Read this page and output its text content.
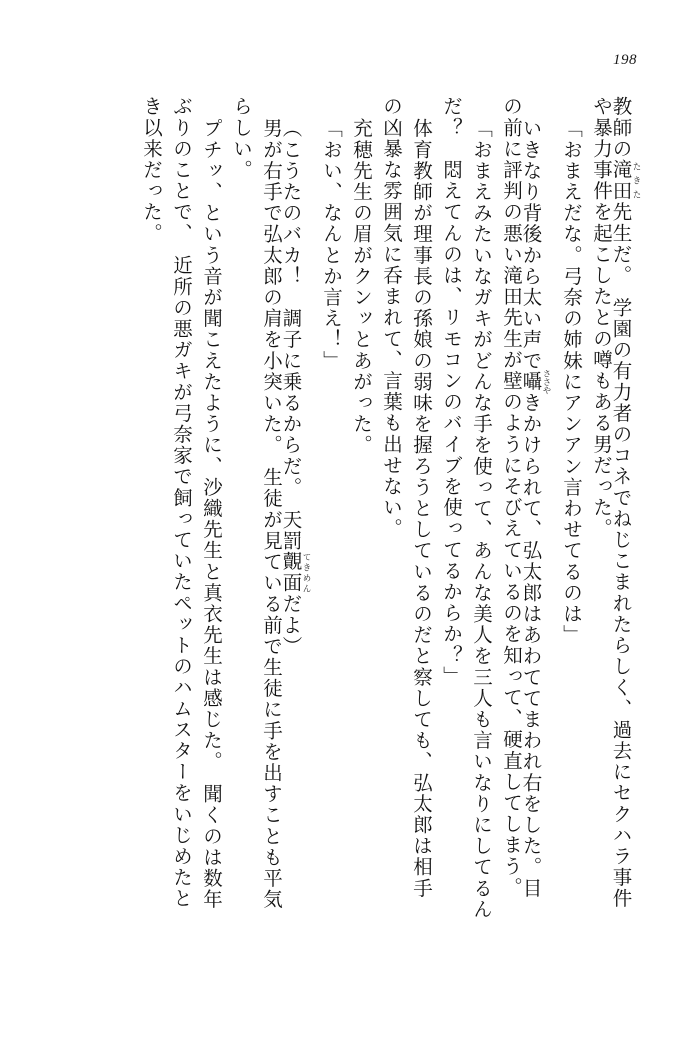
198
教師の滝田たきた先生だ。　学園の有力者のコネでねじこまれたらしく、過去にセクハラ事件
や暴力事件を起こしたとの噂もある男だった。
「おまえだな。弓奈の姉妹にアンアン言わせてるのは」
いきなり背後から太い声で囁ささやきかけられて、弘太郎はあわててまわれ右をした。目
の前に評判の悪い滝田先生が壁のようにそびえているのを知って、硬直してしまう。
「おまえみたいなガキがどんな手を使って、あんな美人を三人も言いなりにしてるん
だ？　悶えてんのは、リモコンのバイブを使ってるからか？」
体育教師が理事長の孫娘の弱味を握ろうとしているのだと察しても、弘太郎は相手
の凶暴な雰囲気に呑まれて、言葉も出せない。
充穂先生の眉がクンッとあがった。
「おい、なんとか言え！」
（こうたのバカ！　調子に乗るからだ。　天罰覿面てきめんだよ）
男が右手で弘太郎の肩を小突いた。　生徒が見ている前で生徒に手を出すことも平気
らしい。
プチッ、という音が聞こえたように、沙織先生と真衣先生は感じた。　聞くのは数年
ぶりのことで、　近所の悪ガキが弓奈家で飼っていたペットのハムスターをいじめたと
き以来だった。
